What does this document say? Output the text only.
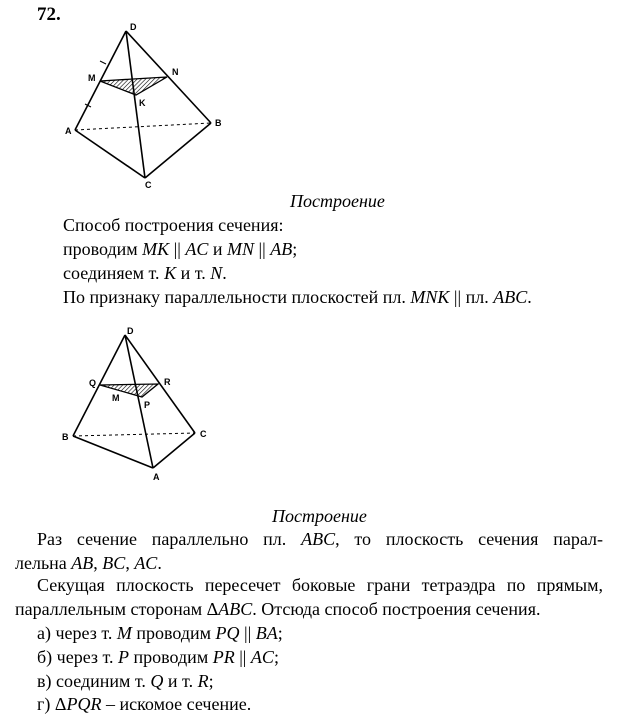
72.
D
M
N
K
A
B
C
Построение
Способ построения сечения:
проводим MK || AC и MN || AB;
соединяем т. K и т. N.
По признаку параллельности плоскостей пл. MNK || пл. ABC.
D
Q	R
M
P
B	C
A
Построение
Раз сечение параллельно пл. ABC, то плоскость сечения парал-
лельна AB, BC, AC.
Секущая плоскость пересечет боковые грани тетраэдра по прямым,
параллельным сторонам ΔABC. Отсюда способ построения сечения.
а) через т. M проводим PQ || BA;
б) через т. P проводим PR || AC;
в) соединим т. Q и т. R;
г) ΔPQR – искомое сечение.
